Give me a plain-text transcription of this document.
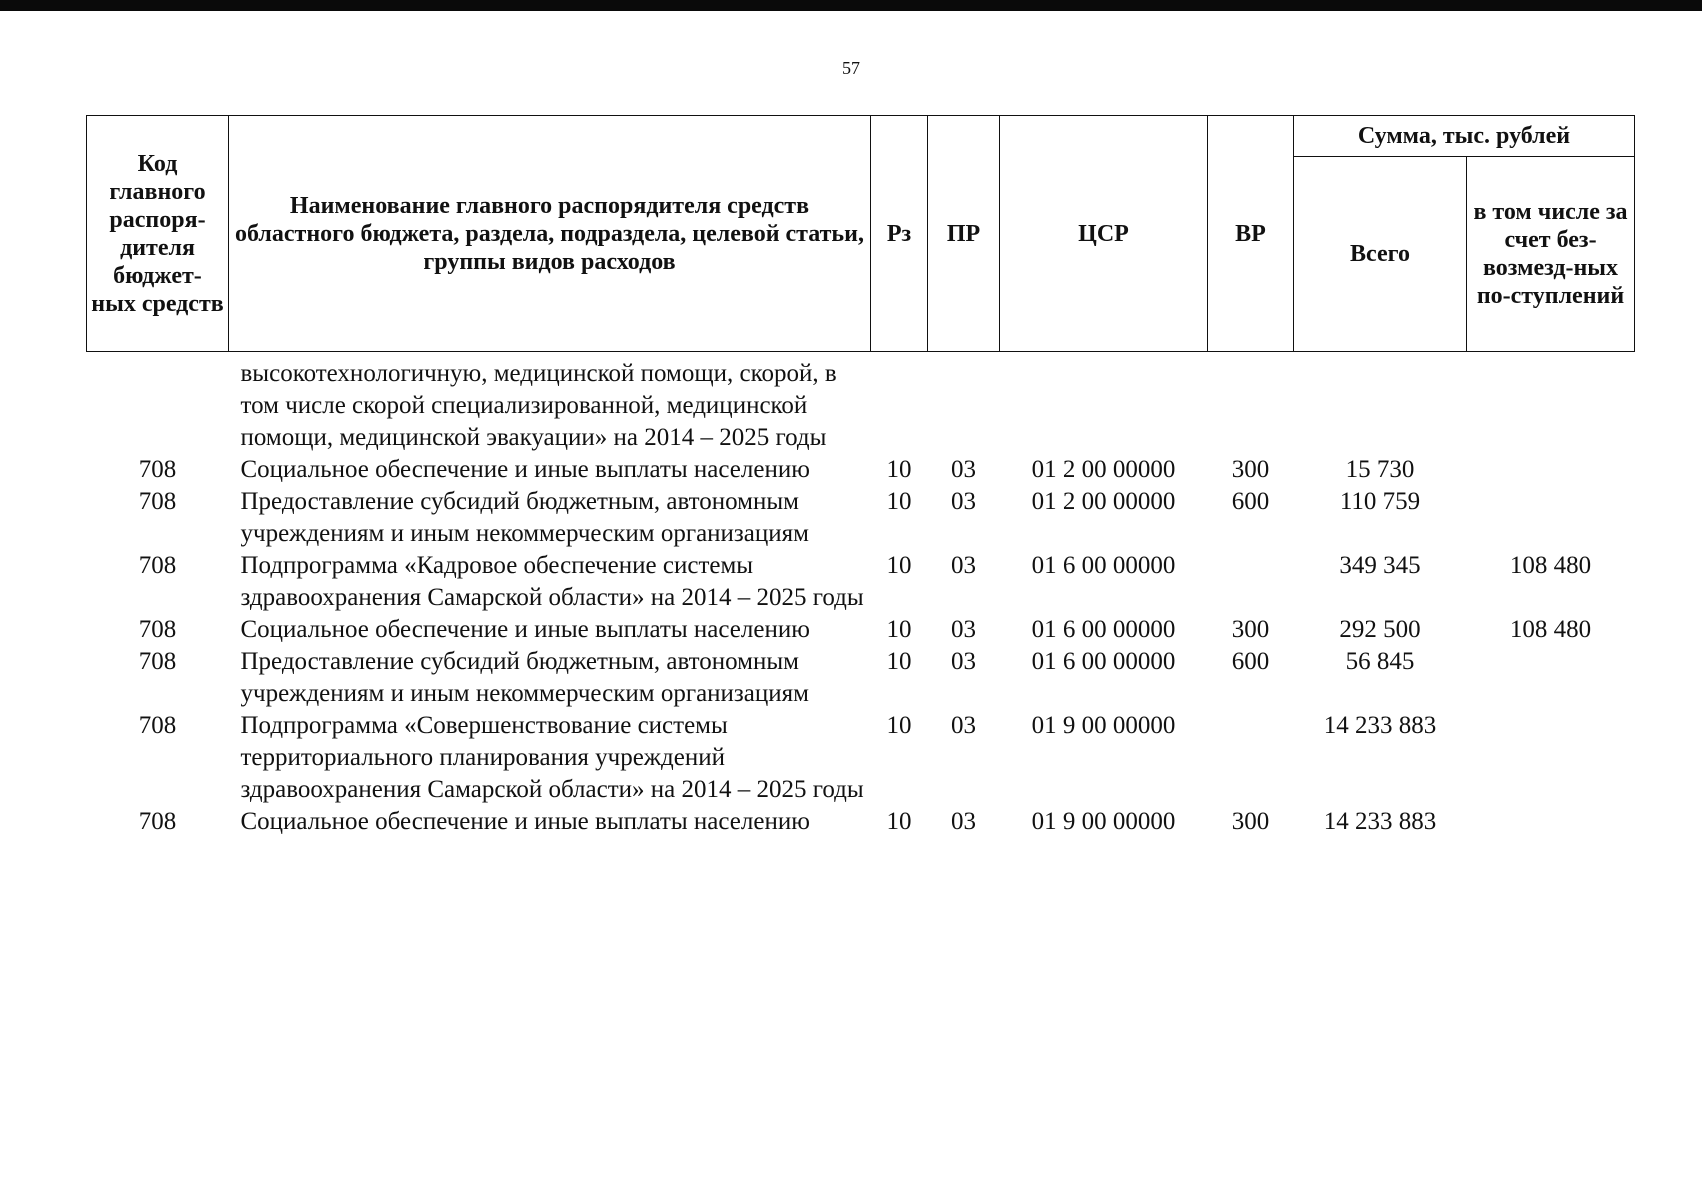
57
Код главного распоря-дителя бюджет-ных средств	Наименование главного распорядителя средств областного бюджета, раздела, подраздела, целевой статьи, группы видов расходов	Рз	ПР	ЦСР	ВР	Сумма, тыс. рублей	
						Всего	в том числе за счет без-возмезд-ных по-ступлений
	высокотехнологичную, медицинской помощи, скорой, в том числе скорой специализированной, медицинской помощи, медицинской эвакуации» на 2014 – 2025 годы						
708	Социальное обеспечение и иные выплаты населению	10	03	01 2 00 00000	300	15 730	
708	Предоставление субсидий бюджетным, автономным учреждениям и иным некоммерческим организациям	10	03	01 2 00 00000	600	110 759	
708	Подпрограмма «Кадровое обеспечение системы здравоохранения Самарской области» на 2014 – 2025 годы	10	03	01 6 00 00000		349 345	108 480
708	Социальное обеспечение и иные выплаты населению	10	03	01 6 00 00000	300	292 500	108 480
708	Предоставление субсидий бюджетным, автономным учреждениям и иным некоммерческим организациям	10	03	01 6 00 00000	600	56 845	
708	Подпрограмма «Совершенствование системы территориального планирования учреждений здравоохранения Самарской области» на 2014 – 2025 годы	10	03	01 9 00 00000		14 233 883	
708	Социальное обеспечение и иные выплаты населению	10	03	01 9 00 00000	300	14 233 883	
